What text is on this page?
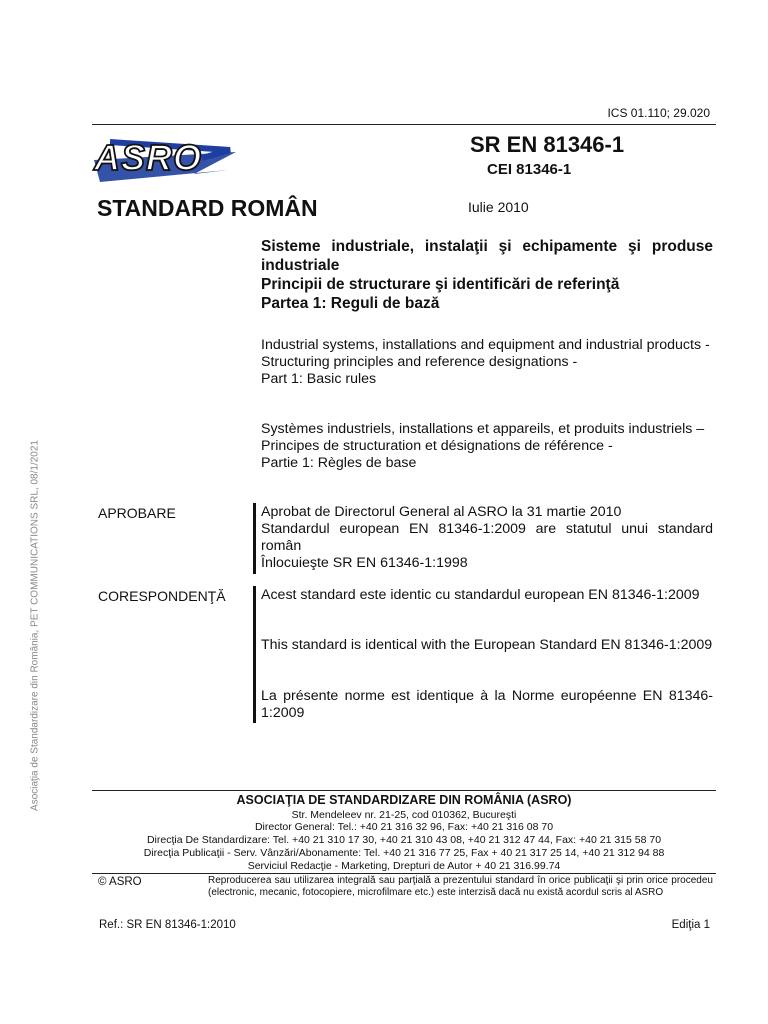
ICS 01.110; 29.020
ASRO	SR EN 81346-1
CEI 81346-1
STANDARD ROMÂN	Iulie 2010
Sisteme industriale, instalaţii şi echipamente şi produse industriale
Principii de structurare şi identificări de referinţă
Partea 1: Reguli de bază
Industrial systems, installations and equipment and industrial products -
Structuring principles and reference designations -
Part 1: Basic rules
Systèmes industriels, installations et appareils, et produits industriels –
Principes de structuration et désignations de référence -
Partie 1: Règles de base
APROBARE	Aprobat de Directorul General al ASRO la 31 martie 2010
Standardul european EN 81346-1:2009 are statutul unui standard român
Înlocuieşte SR EN 61346-1:1998
CORESPONDENŢĂ Acest standard este identic cu standardul european EN 81346-1:2009
This standard is identical with the European Standard EN 81346-1:2009
La présente norme est identique à la Norme européenne EN 81346-1:2009
Asociaţia de Standardizare din România, PET COMMUNICATIONS SRL, 08/1/2021	ASOCIAŢIA DE STANDARDIZARE DIN ROMÂNIA (ASRO)
Str. Mendeleev nr. 21-25, cod 010362, Bucureşti
Director General: Tel.: +40 21 316 32 96, Fax: +40 21 316 08 70
Direcţia De Standardizare: Tel. +40 21 310 17 30, +40 21 310 43 08, +40 21 312 47 44, Fax: +40 21 315 58 70
Direcţia Publicaţii - Serv. Vânzări/Abonamente: Tel. +40 21 316 77 25, Fax + 40 21 317 25 14, +40 21 312 94 88
Serviciul Redacţie - Marketing, Drepturi de Autor + 40 21 316.99.74
© ASRO	Reproducerea sau utilizarea integrală sau parţială a prezentului standard în orice publicaţii şi prin orice procedeu (electronic, mecanic, fotocopiere, microfilmare etc.) este interzisă dacă nu există acordul scris al ASRO
Ref.: SR EN 81346-1:2010	Ediţia 1
